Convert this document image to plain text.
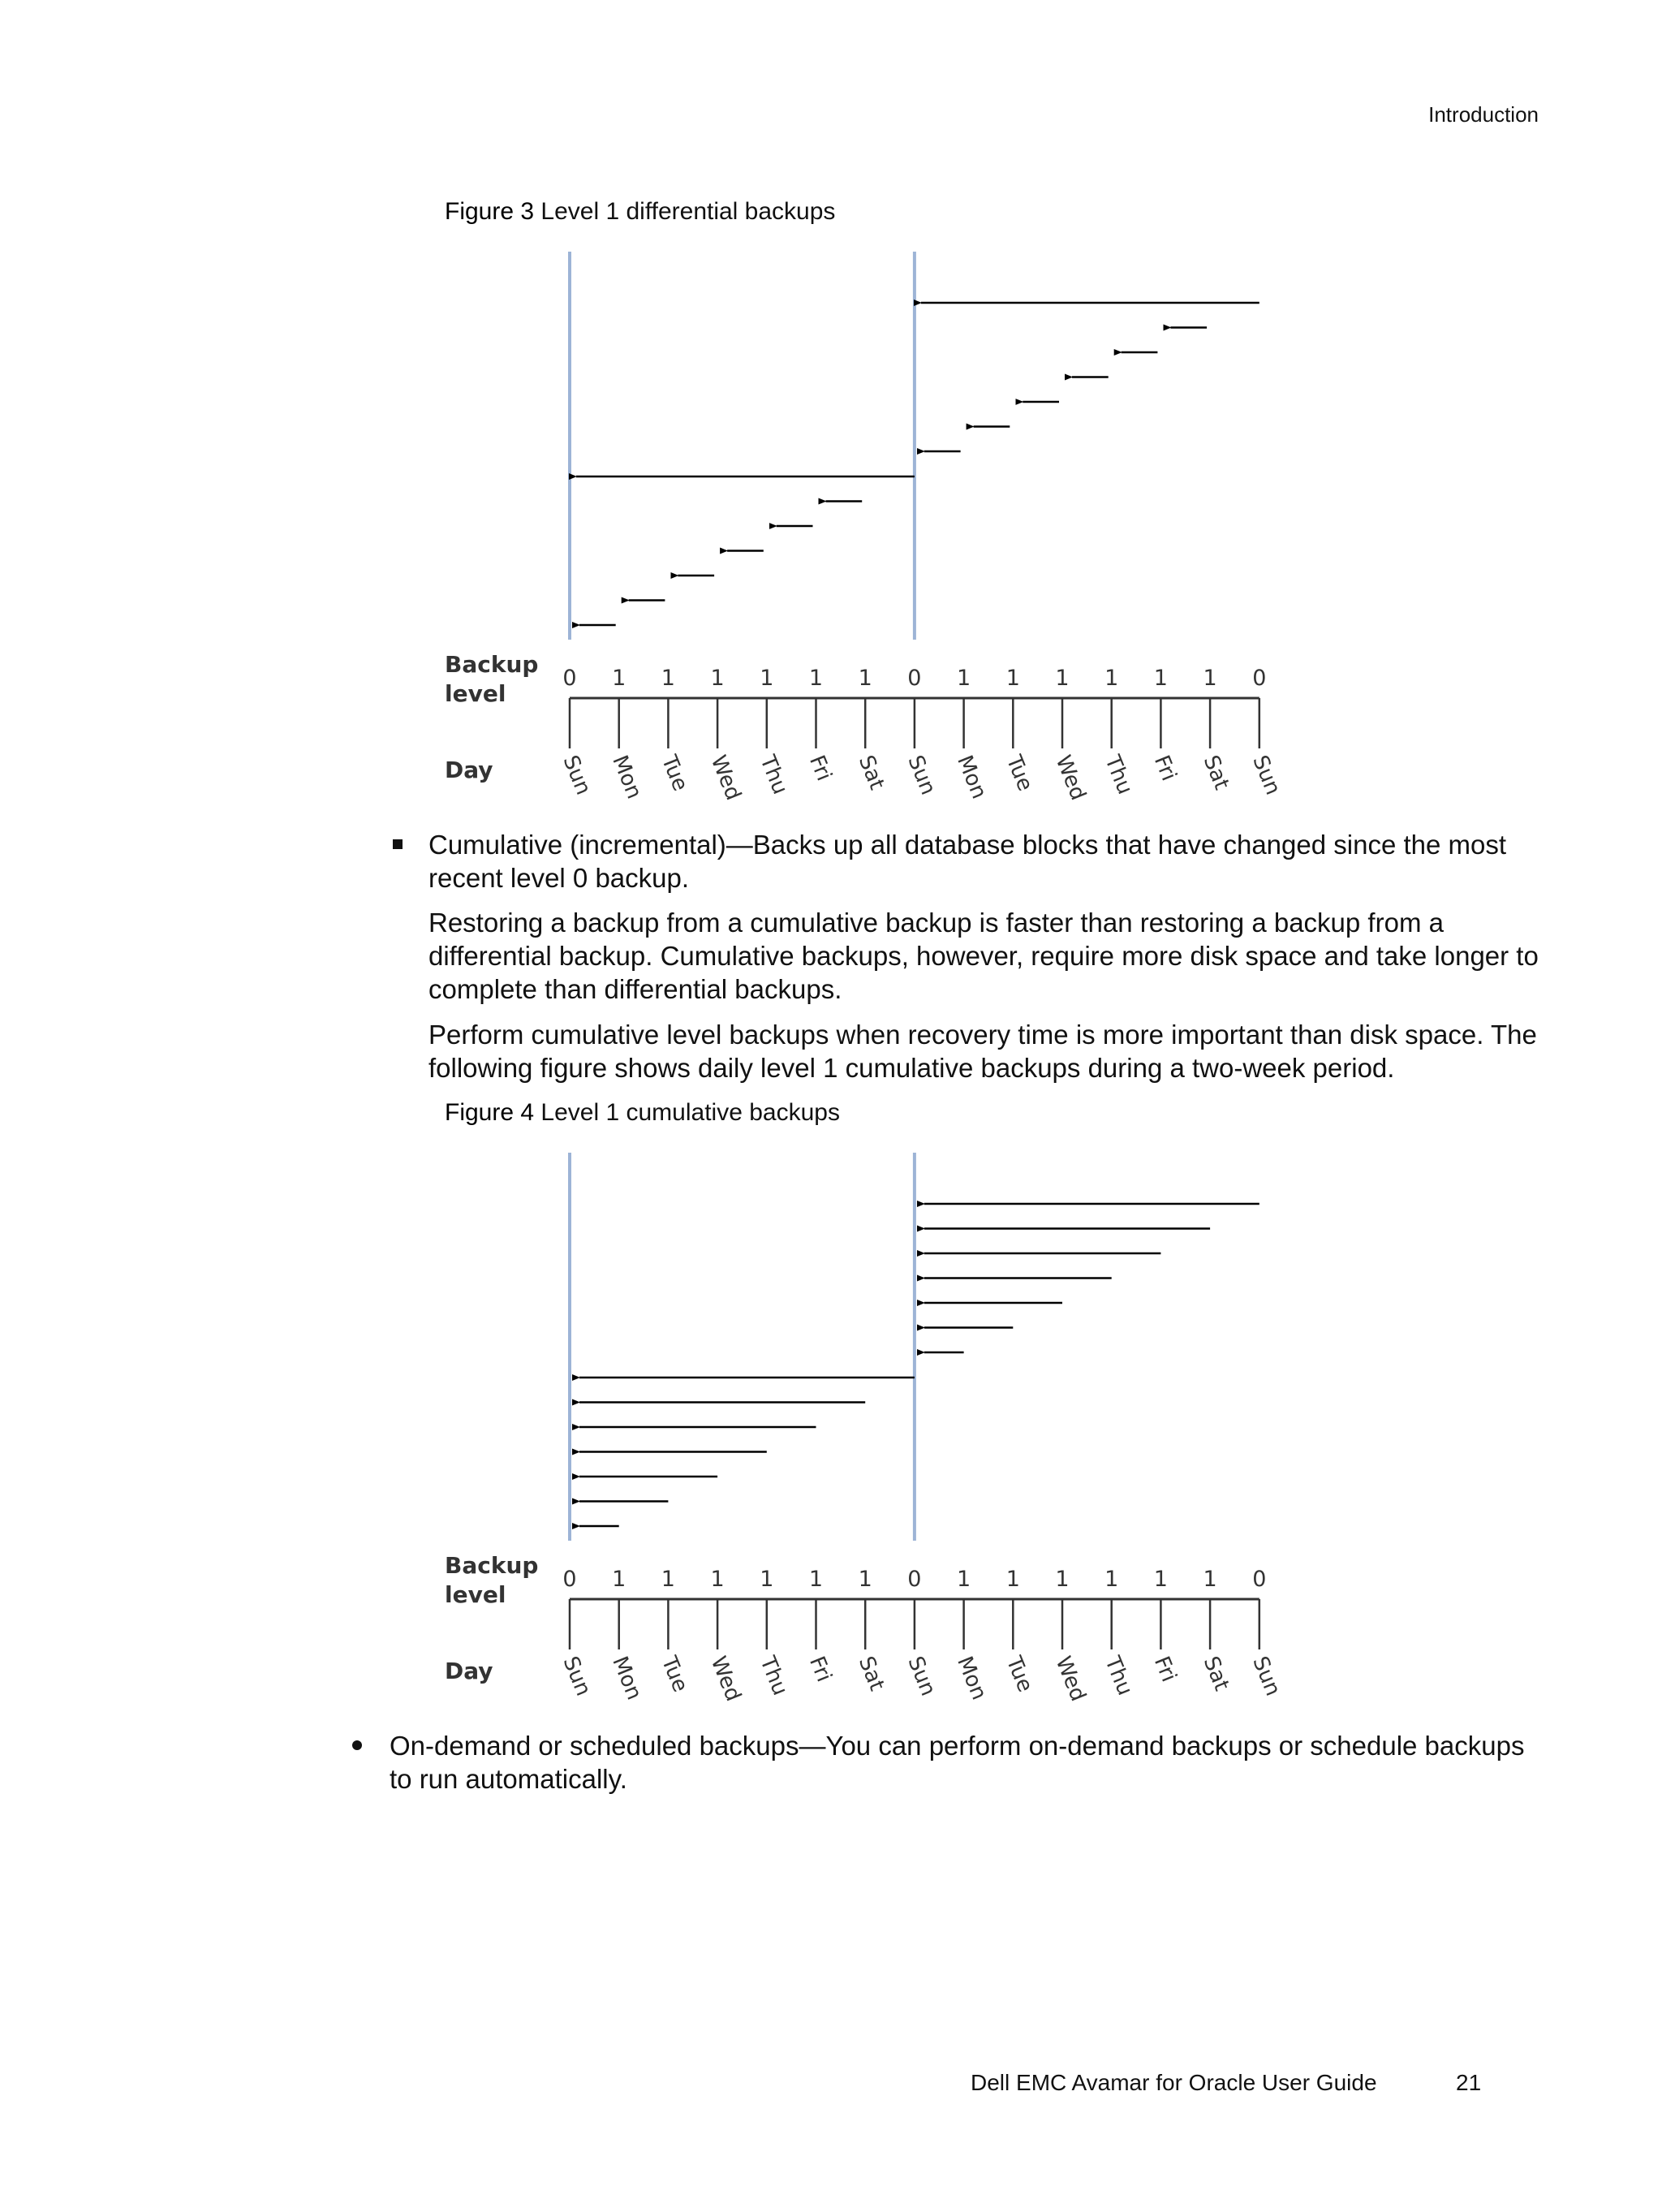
Introduction
Figure 3 Level 1 differential backups
Backup
level
Day
0 1 1 1 1 1 1 0 1 1 1 1 1 1 0
Sun Mon Tue Wed Thu Fri Sat Sun Mon Tue Wed Thu Fri Sat Sun
Cumulative (incremental)—Backs up all database blocks that have changed since the most recent level 0 backup.
Restoring a backup from a cumulative backup is faster than restoring a backup from a differential backup. Cumulative backups, however, require more disk space and take longer to complete than differential backups.
Perform cumulative level backups when recovery time is more important than disk space. The following figure shows daily level 1 cumulative backups during a two-week period.
Figure 4 Level 1 cumulative backups
Backup
level
Day
0 1 1 1 1 1 1 0 1 1 1 1 1 1 0
Sun Mon Tue Wed Thu Fri Sat Sun Mon Tue Wed Thu Fri Sat Sun
On-demand or scheduled backups—You can perform on-demand backups or schedule backups to run automatically.
Dell EMC Avamar for Oracle User Guide	21
